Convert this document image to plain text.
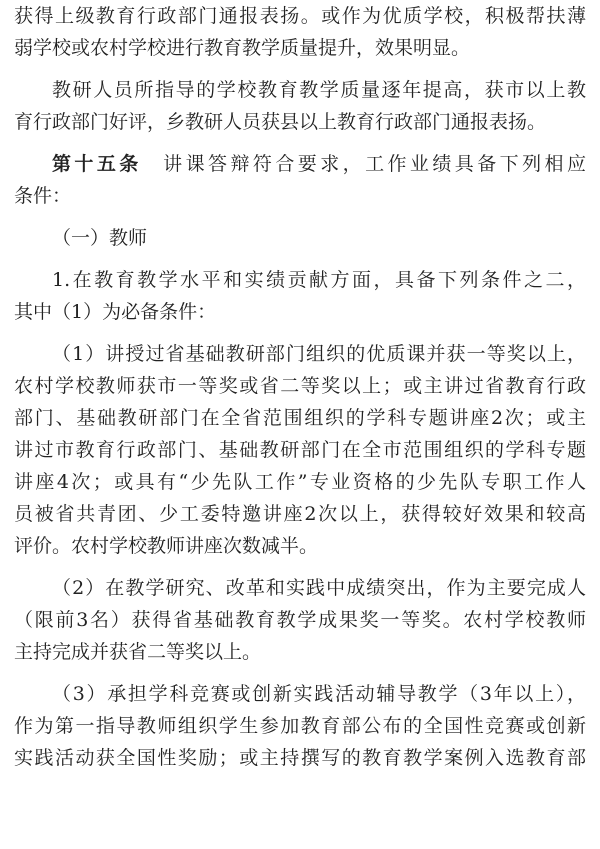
获得上级教育行政部门通报表扬。或作为优质学校，积极帮扶薄
弱学校或农村学校进行教育教学质量提升，效果明显。
教研人员所指导的学校教育教学质量逐年提高，获市以上教
育行政部门好评，乡教研人员获县以上教育行政部门通报表扬。
第十五条 讲课答辩符合要求，工作业绩具备下列相应
条件：
（一）教师
1.在教育教学水平和实绩贡献方面，具备下列条件之二，
其中（1）为必备条件：
（1）讲授过省基础教研部门组织的优质课并获一等奖以上，
农村学校教师获市一等奖或省二等奖以上；或主讲过省教育行政
部门、基础教研部门在全省范围组织的学科专题讲座2次；或主
讲过市教育行政部门、基础教研部门在全市范围组织的学科专题
讲座4次；或具有“少先队工作”专业资格的少先队专职工作人
员被省共青团、少工委特邀讲座2次以上，获得较好效果和较高
评价。农村学校教师讲座次数减半。
（2）在教学研究、改革和实践中成绩突出，作为主要完成人
（限前3名）获得省基础教育教学成果奖一等奖。农村学校教师
主持完成并获省二等奖以上。
（3）承担学科竞赛或创新实践活动辅导教学（3年以上），
作为第一指导教师组织学生参加教育部公布的全国性竞赛或创新
实践活动获全国性奖励；或主持撰写的教育教学案例入选教育部
